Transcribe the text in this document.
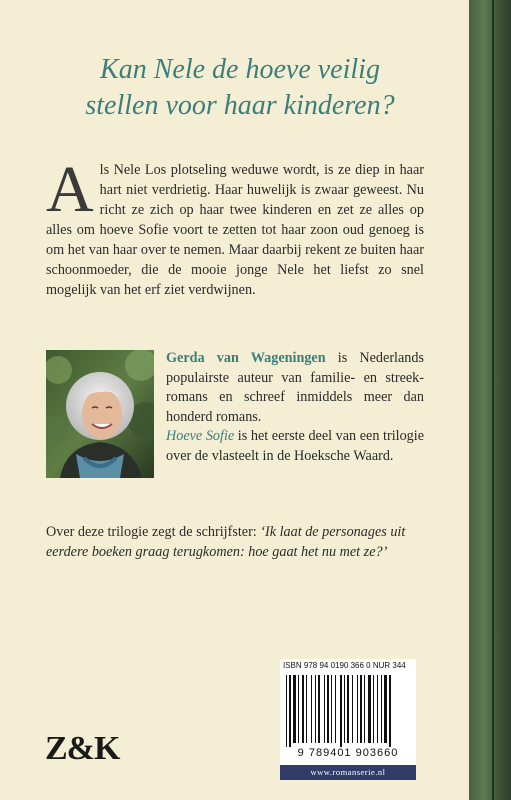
Kan Nele de hoeve veilig
stellen voor haar kinderen?

Als Nele Los plotseling weduwe wordt, is ze diep in haar hart niet verdrietig. Haar huwelijk is zwaar geweest. Nu richt ze zich op haar twee kinderen en zet ze alles op alles om hoeve Sofie voort te zetten tot haar zoon oud genoeg is om het van haar over te nemen. Maar daarbij rekent ze buiten haar schoonmoeder, die de mooie jonge Nele het liefst zo snel mogelijk van het erf ziet verdwijnen.

Gerda van Wageningen is Nederlands populairste auteur van familie- en streekromans en schreef inmiddels meer dan honderd romans.

Hoeve Sofie is het eerste deel van een trilogie over de vlasteelt in de Hoeksche Waard.

Over deze trilogie zegt de schrijfster: ‘Ik laat de personages uit eerdere boeken graag terugkomen: hoe gaat het nu met ze?’

Z&K
ISBN 978 94 0190 366 0 NUR 344
9 789401 903660
www.romanserie.nl
